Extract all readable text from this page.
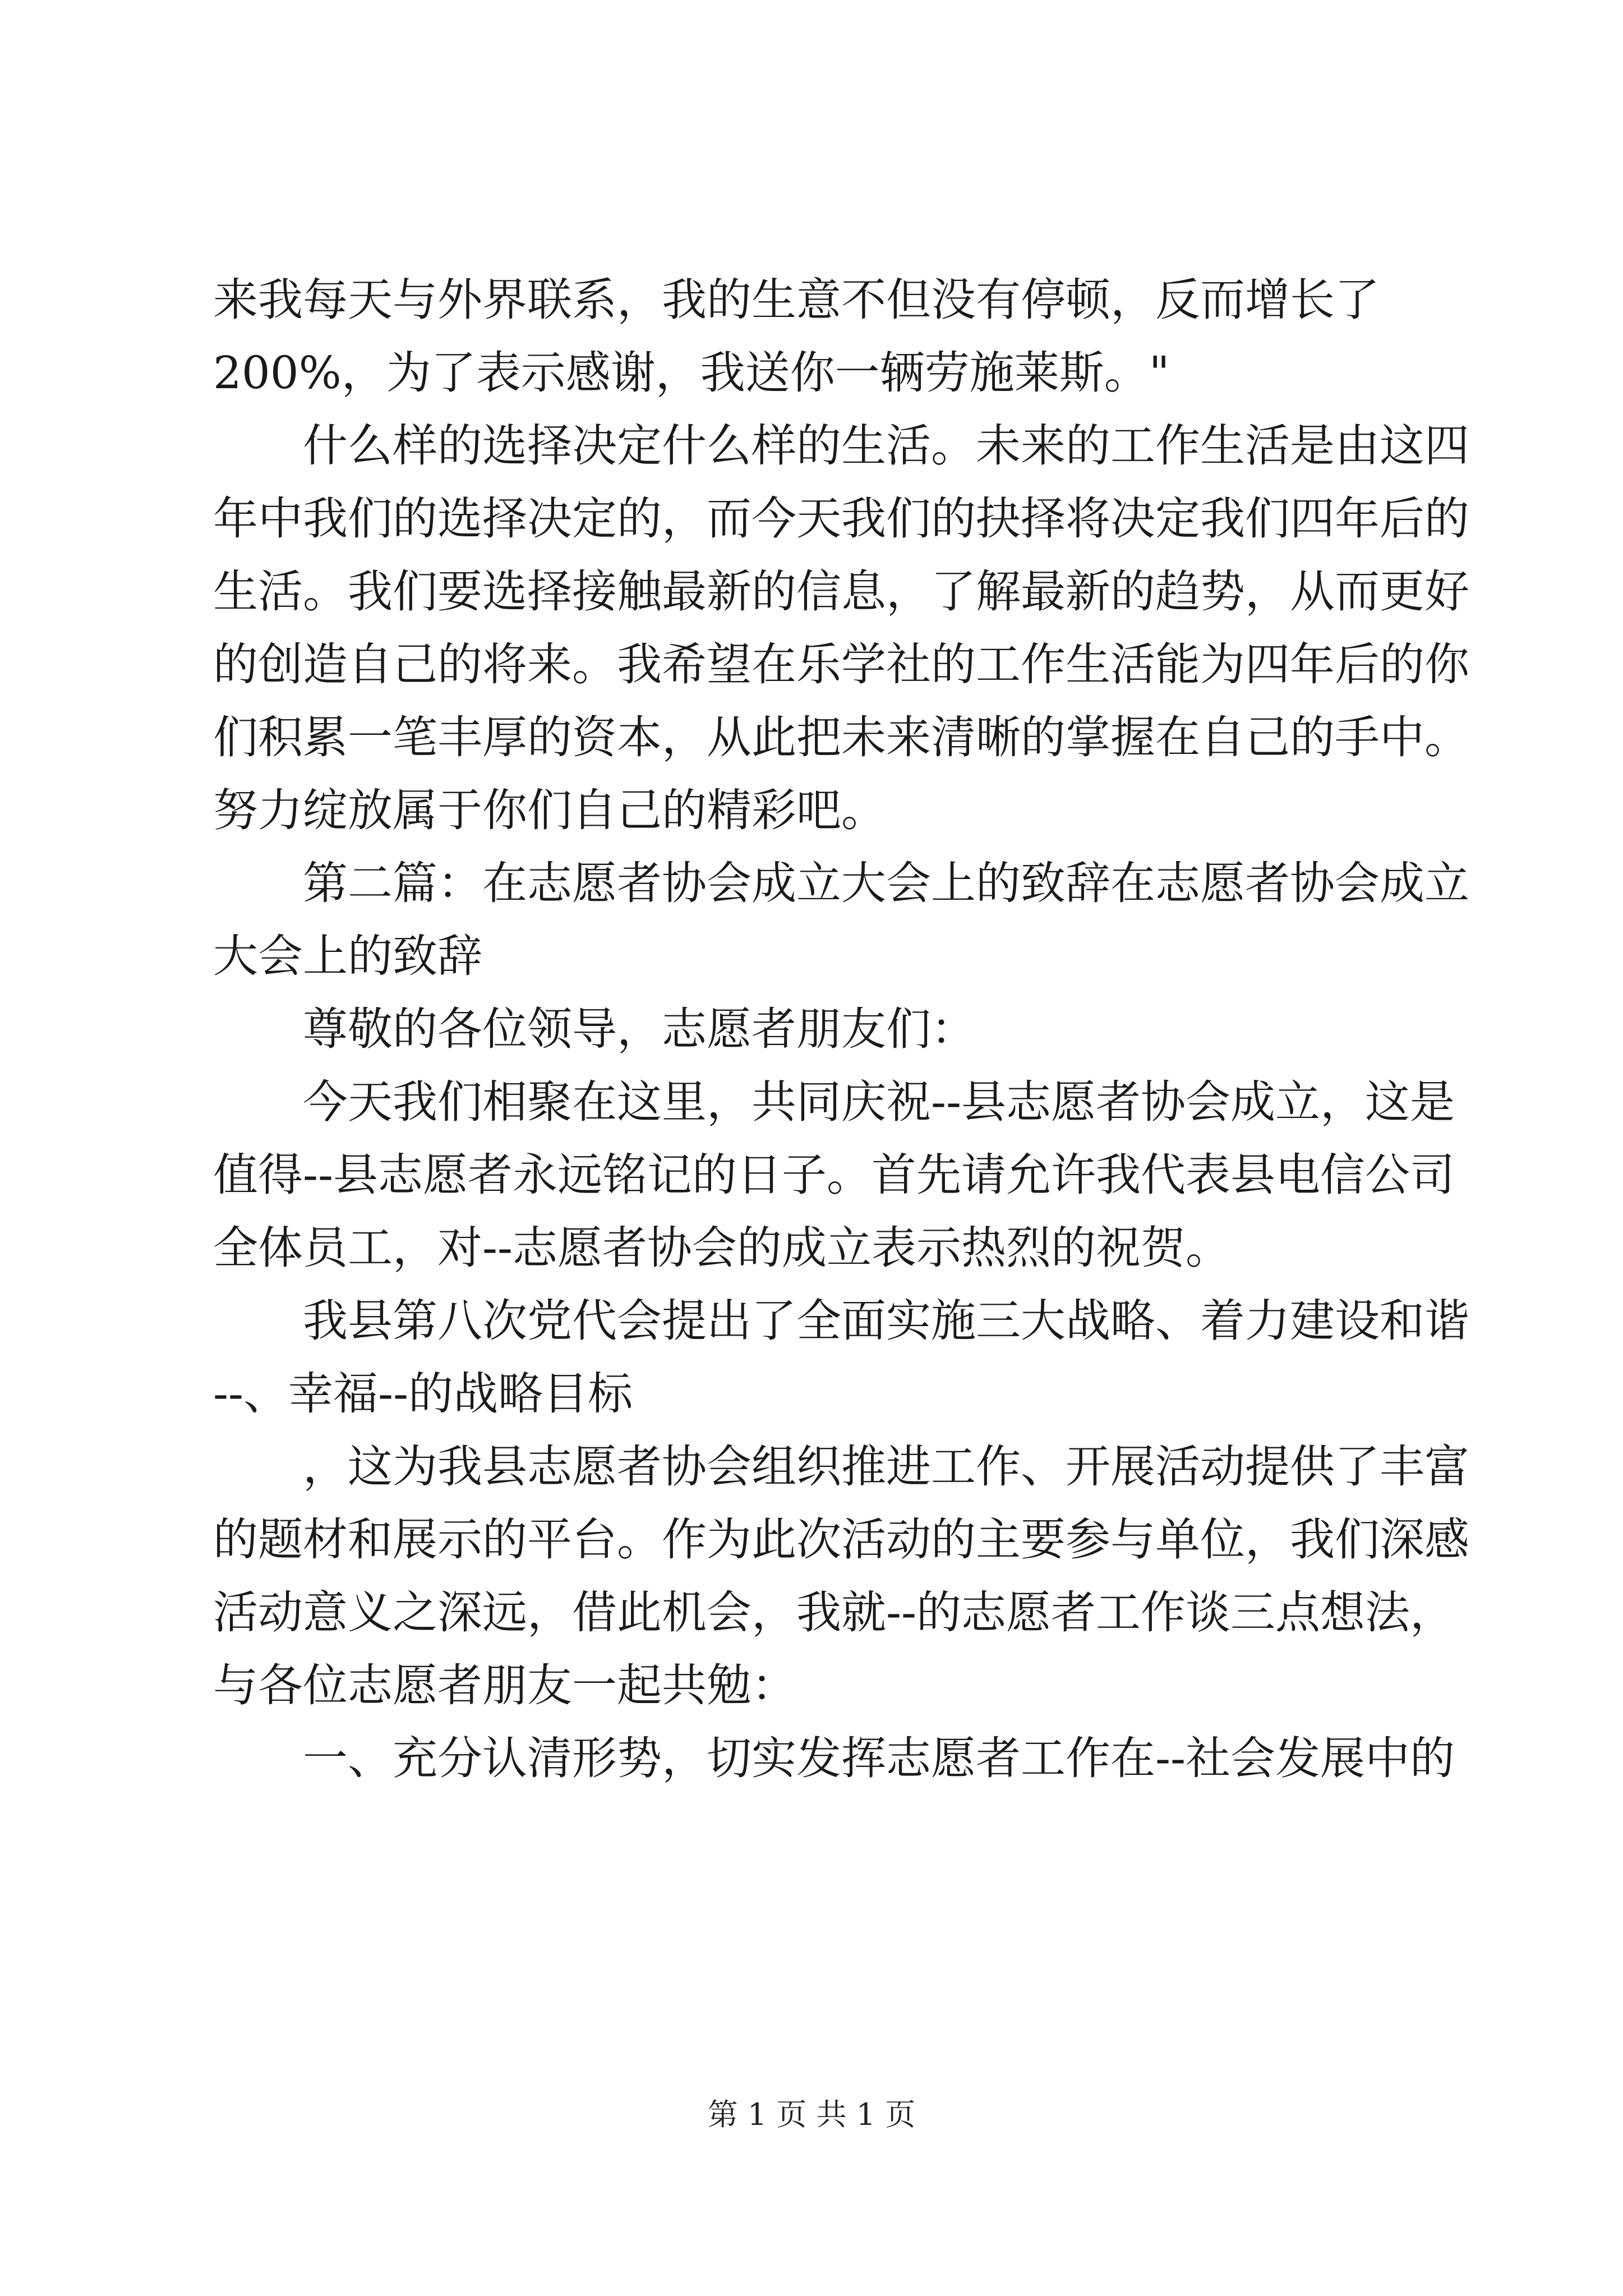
来我每天与外界联系，我的生意不但没有停顿，反而增长了
200%，为了表示感谢，我送你一辆劳施莱斯。"

什么样的选择决定什么样的生活。未来的工作生活是由这四
年中我们的选择决定的，而今天我们的抉择将决定我们四年后的
生活。我们要选择接触最新的信息，了解最新的趋势，从而更好
的创造自己的将来。我希望在乐学社的工作生活能为四年后的你
们积累一笔丰厚的资本，从此把未来清晰的掌握在自己的手中。
努力绽放属于你们自己的精彩吧。

第二篇：在志愿者协会成立大会上的致辞在志愿者协会成立
大会上的致辞

尊敬的各位领导，志愿者朋友们：

今天我们相聚在这里，共同庆祝--县志愿者协会成立，这是
值得--县志愿者永远铭记的日子。首先请允许我代表县电信公司
全体员工，对--志愿者协会的成立表示热烈的祝贺。

我县第八次党代会提出了全面实施三大战略、着力建设和谐
--、幸福--的战略目标

，这为我县志愿者协会组织推进工作、开展活动提供了丰富
的题材和展示的平台。作为此次活动的主要参与单位，我们深感
活动意义之深远，借此机会，我就--的志愿者工作谈三点想法，
与各位志愿者朋友一起共勉：

一、充分认清形势，切实发挥志愿者工作在--社会发展中的

第 1 页 共 1 页
